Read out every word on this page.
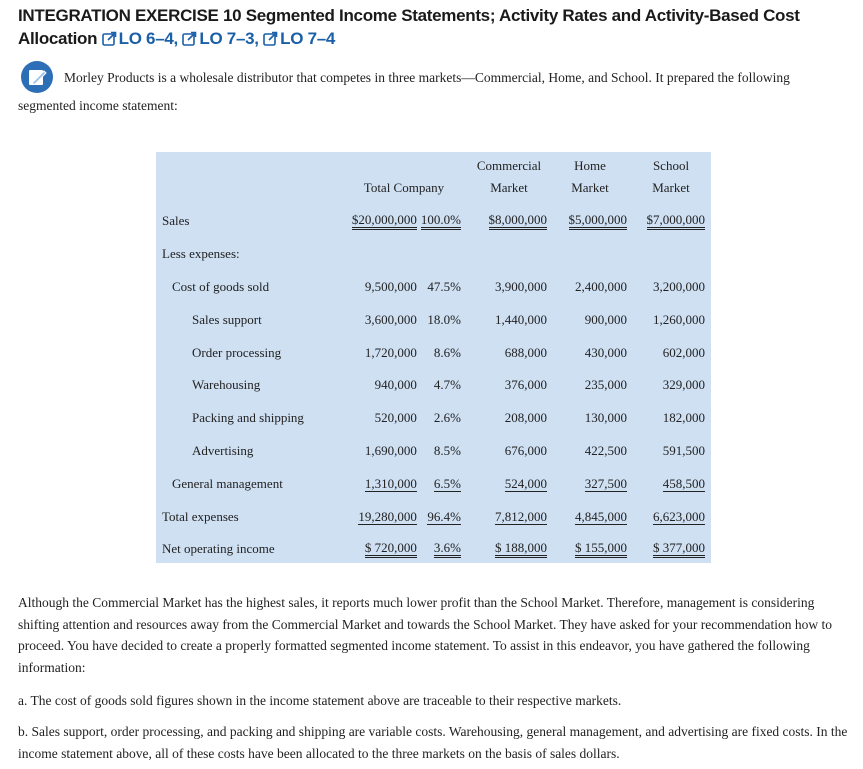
INTEGRATION EXERCISE 10 Segmented Income Statements; Activity Rates and Activity-Based Cost Allocation LO 6–4, LO 7–3, LO 7–4
Morley Products is a wholesale distributor that competes in three markets—Commercial, Home, and School. It prepared the following segmented income statement:
			Commercial	Home	School
	Total Company		Market	Market	Market
Sales	$20,000,000	100.0%	$8,000,000	$5,000,000	$7,000,000
Less expenses:					
Cost of goods sold	9,500,000	47.5%	3,900,000	2,400,000	3,200,000
Sales support	3,600,000	18.0%	1,440,000	900,000	1,260,000
Order processing	1,720,000	8.6%	688,000	430,000	602,000
Warehousing	940,000	4.7%	376,000	235,000	329,000
Packing and shipping	520,000	2.6%	208,000	130,000	182,000
Advertising	1,690,000	8.5%	676,000	422,500	591,500
General management	1,310,000	6.5%	524,000	327,500	458,500
Total expenses	19,280,000	96.4%	7,812,000	4,845,000	6,623,000
Net operating income	$ 720,000	3.6%	$ 188,000	$ 155,000	$ 377,000
Although the Commercial Market has the highest sales, it reports much lower profit than the School Market. Therefore, management is considering shifting attention and resources away from the Commercial Market and towards the School Market. They have asked for your recommendation how to proceed. You have decided to create a properly formatted segmented income statement. To assist in this endeavor, you have gathered the following information:
a. The cost of goods sold figures shown in the income statement above are traceable to their respective markets.
b. Sales support, order processing, and packing and shipping are variable costs. Warehousing, general management, and advertising are fixed costs. In the income statement above, all of these costs have been allocated to the three markets on the basis of sales dollars.
